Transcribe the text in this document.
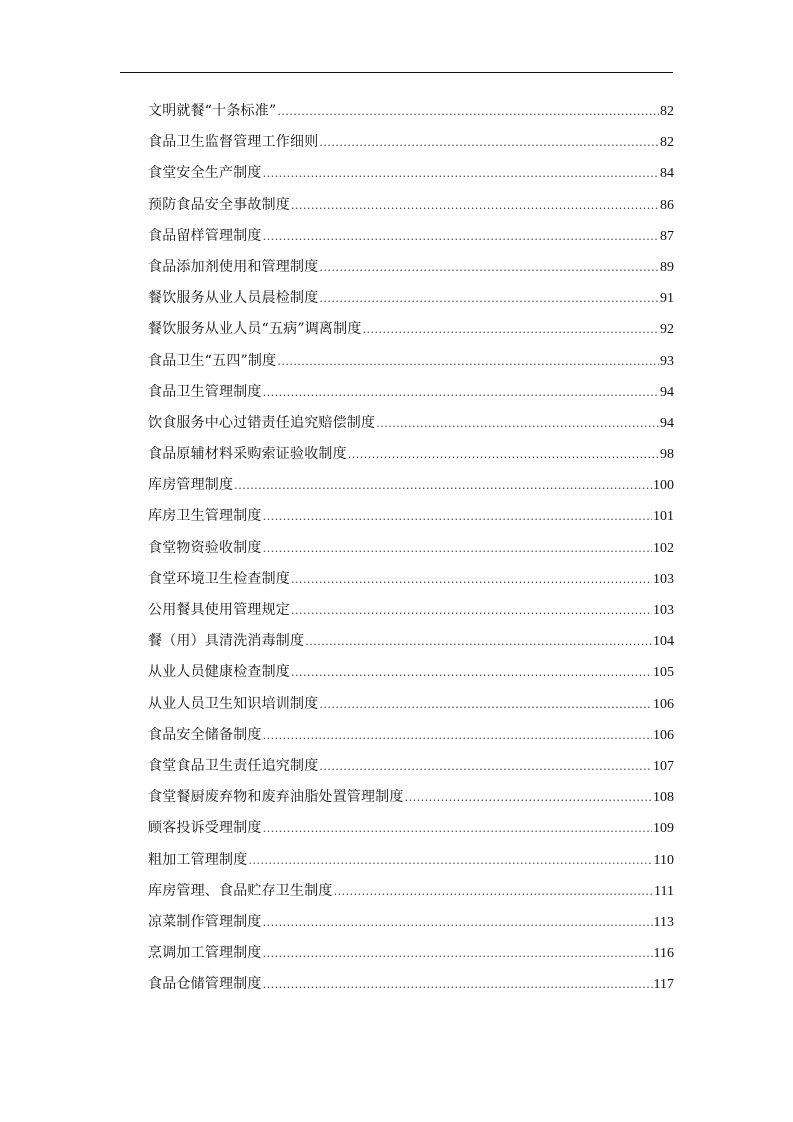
文明就餐“十条标准” .....	82
食品卫生监督管理工作细则 .....	82
食堂安全生产制度 .....	84
预防食品安全事故制度 .....	86
食品留样管理制度 .....	87
食品添加剂使用和管理制度 .....	89
餐饮服务从业人员晨检制度 .....	91
餐饮服务从业人员“五病”调离制度 .....	92
食品卫生“五四”制度 .....	93
食品卫生管理制度 .....	94
饮食服务中心过错责任追究赔偿制度 .....	94
食品原辅材料采购索证验收制度 .....	98
库房管理制度 .....	100
库房卫生管理制度 .....	101
食堂物资验收制度 .....	102
食堂环境卫生检查制度 .....	103
公用餐具使用管理规定 .....	103
餐（用）具清洗消毒制度 .....	104
从业人员健康检查制度 .....	105
从业人员卫生知识培训制度 .....	106
食品安全储备制度 .....	106
食堂食品卫生责任追究制度 .....	107
食堂餐厨废弃物和废弃油脂处置管理制度 .....	108
顾客投诉受理制度 .....	109
粗加工管理制度 .....	110
库房管理、食品贮存卫生制度 .....	111
凉菜制作管理制度 .....	113
烹调加工管理制度 .....	116
食品仓储管理制度 .....	117
